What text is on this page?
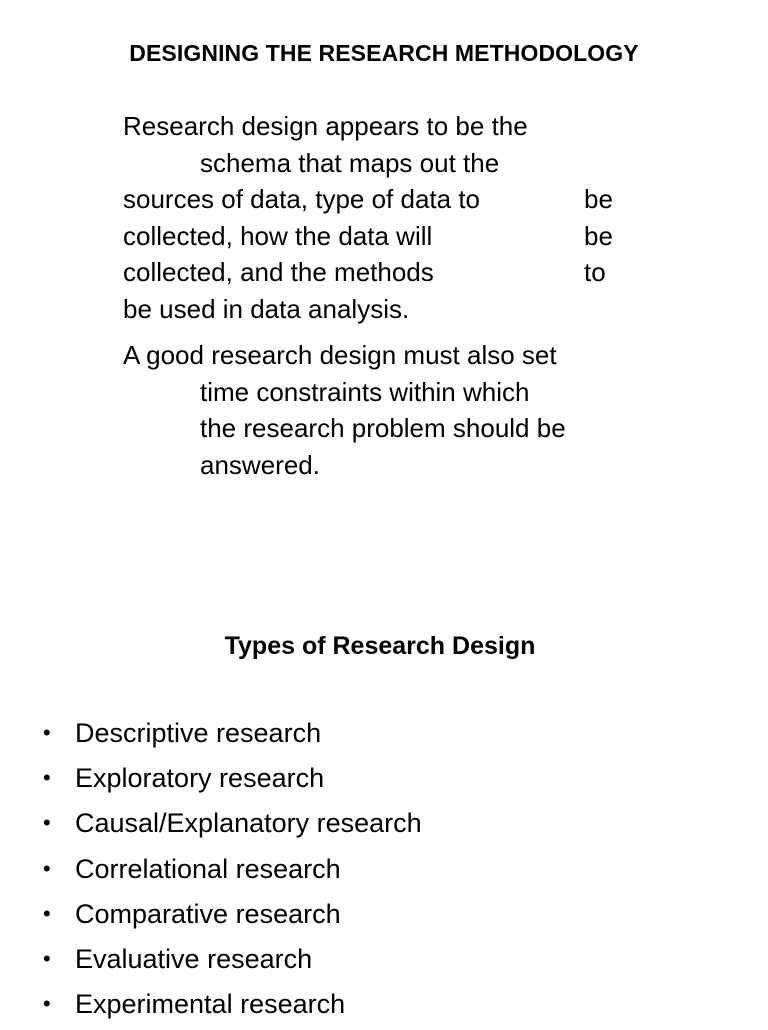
DESIGNING THE RESEARCH METHODOLOGY

Research design appears to be the
schema that maps out the
sources of data, type of data to	be
collected, how the data will	be
collected, and the methods	to
be used in data analysis.

A good research design must also set
time constraints within which
the research problem should be
answered.

Types of Research Design
• Descriptive research
• Exploratory research
• Causal/Explanatory research
• Correlational research
• Comparative research
• Evaluative research
• Experimental research
